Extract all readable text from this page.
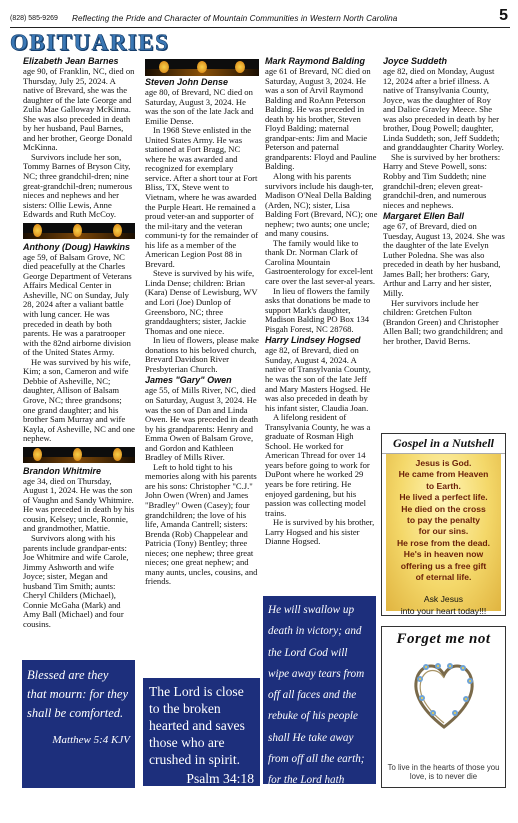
(828) 585-9269 Reflecting the Pride and Character of Mountain Communities in Western North Carolina	5
OBITUARIES
Elizabeth Jean Barnes

age 90, of Franklin, NC, died on Thursday, July 25, 2024. A native of Brevard, she was the daughter of the late George and Zulia Mae Galloway McKinna. She was also preceded in death by her husband, Paul Barnes, and her brother, George Donald McKinna.

Survivors include her son, Tommy Barnes of Bryson City, NC; three grandchil-dren; nine great-grandchil-dren; numerous nieces and nephews and her sisters: Ollie Lewis, Anne Edwards and Ruth McCoy.

Anthony (Doug) Hawkins

age 59, of Balsam Grove, NC died peacefully at the Charles George Department of Veterans Affairs Medical Center in Asheville, NC on Sunday, July 28, 2024 after a valiant battle with lung cancer. He was preceded in death by both parents. He was a paratrooper with the 82nd airborne division of the United States Army.

He was survived by his wife, Kim; a son, Cameron and wife Debbie of Asheville, NC; daughter, Allison of Balsam Grove, NC; three grandsons; one grand daughter; and his brother Sam Murray and wife Kayla, of Asheville, NC and one nephew.

Brandon Whitmire

age 34, died on Thursday, August 1, 2024. He was the son of Vaughn and Sandy Whitmire. He was preceded in death by his cousin, Kelsey; uncle, Ronnie, and grandmother, Mattie.

Survivors along with his parents include grandpar-ents: Joe Whitmire and wife Carole, Jimmy Ashworth and wife Joyce; sister, Megan and husband Tim Smith; aunts: Cheryl Childers (Michael), Connie McGaha (Mark) and Amy Ball (Michael) and four cousins.

Steven John Dense

age 80, of Brevard, NC died on Saturday, August 3, 2024. He was the son of the late Jack and Emilie Dense.

In 1968 Steve enlisted in the United States Army. He was stationed at Fort Bragg, NC where he was awarded and recognized for exemplary service. After a short tour at Fort Bliss, TX, Steve went to Vietnam, where he was awarded the Purple Heart. He remained a proud veter-an and supporter of the mil-itary and the veteran communi-ty for the remainder of his life as a member of the American Legion Post 88 in Brevard.

Steve is survived by his wife, Linda Dense; children: Brian (Kara) Dense of Lewisburg, WV and Lori (Joe) Dunlop of Greensboro, NC; three granddaughters; sister, Jackie Thomas and one niece.

In lieu of flowers, please make donations to his beloved church, Brevard Davidson River Presbyterian Church.

James "Gary" Owen

age 55, of Mills River, NC, died on Saturday, August 3, 2024. He was the son of Dan and Linda Owen. He was preceded in death by his grandparents: Henry and Emma Owen of Balsam Grove, and Gordon and Kathleen Bradley of Mills River.

Left to hold tight to his memories along with his parents are his sons: Christopher "C.J." John Owen (Wren) and James "Bradley" Owen (Casey); four grandchildren; the love of his life, Amanda Cantrell; sisters: Brenda (Rob) Chappelear and Patricia (Tony) Bentley; three nieces; one nephew; three great nieces; one great nephew; and many aunts, uncles, cousins, and friends.

Mark Raymond Balding

age 61 of Brevard, NC died on Saturday, August 3, 2024. He was a son of Arvil Raymond Balding and RoAnn Peterson Balding. He was preceded in death by his brother, Steven Floyd Balding; maternal grandpar-ents: Jim and Macie Peterson and paternal grandparents: Floyd and Pauline Balding.

Along with his parents survivors include his daugh-ter, Madison O'Neal Della Balding (Arden, NC); sister, Lisa Balding Fort (Brevard, NC); one nephew; two aunts; one uncle; and many cousins.

The family would like to thank Dr. Norman Clark of Carolina Mountain Gastroenterology for excel-lent care over the last sever-al years.

In lieu of flowers the family asks that donations be made to support Mark's daughter, Madison Balding PO Box 134 Pisgah Forest, NC 28768.

Harry Lindsey Hogsed

age 82, of Brevard, died on Sunday, August 4, 2024. A native of Transylvania County, he was the son of the late Jeff and Mary Masters Hogsed. He was also preceded in death by his infant sister, Claudia Joan.

A lifelong resident of Transylvania County, he was a graduate of Rosman High School. He worked for American Thread for over 14 years before going to work for DuPont where he worked 29 years be fore retiring. He enjoyed gardening, but his passion was collecting model trains.

He is survived by his brother, Larry Hogsed and his sister Dianne Hogsed.

Joyce Suddeth

age 82, died on Monday, August 12, 2024 after a brief illness. A native of Transylvania County, Joyce, was the daughter of Roy and Dalice Gravley Meece. She was also preceded in death by her brother, Doug Powell; daughter, Linda Suddeth; son, Jeff Suddeth; and granddaughter Charity Worley.

She is survived by her brothers: Harry and Steve Powell, sons: Robby and Tim Suddeth; nine grandchil-dren; eleven great-grandchil-dren, and numerous nieces and nephews.

Margaret Ellen Ball

age 67, of Brevard, died on Tuesday, August 13, 2024. She was the daughter of the late Evelyn Luther Poledna. She was also preceded in death by her husband, James Ball; her brothers: Gary, Arthur and Larry and her sister, Milly.

Her survivors include her children: Gretchen Fulton (Brandon Green) and Christopher Allen Ball; two grandchildren; and her brother, David Berns.

Blessed are they that mourn: for they shall be comforted.
Matthew 5:4 KJV
The Lord is close to the broken hearted and saves those who are crushed in spirit.
Psalm 34:18
He will swallow up death in victory; and the Lord God will wipe away tears from off all faces and the rebuke of his people shall He take away from off all the earth; for the Lord hath spoken it.
Isaiah 25:8
Gospel in a Nutshell
Jesus is God.
He came from Heaven
to Earth.
He lived a perfect life.
He died on the cross
to pay the penalty
for our sins.
He rose from the dead.
He's in heaven now
offering us a free gift
of eternal life.
Ask Jesus
into your heart today!!!
Forget me not
To live in the hearts of those you love, is to never die
